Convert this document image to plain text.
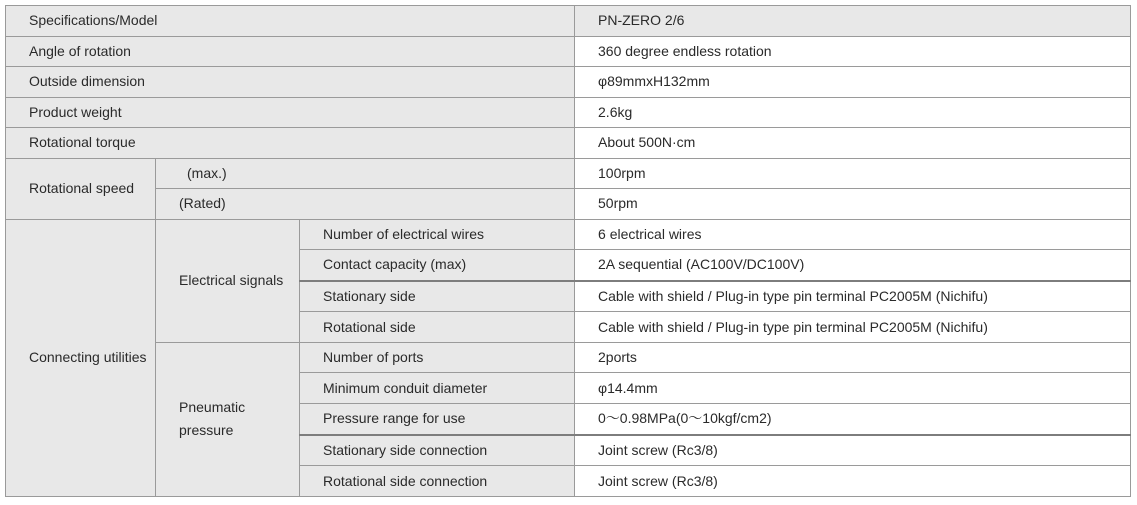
Specifications/Model			PN-ZERO 2/6
Angle of rotation			360 degree endless rotation
Outside dimension			φ89mmxH132mm
Product weight			2.6kg
Rotational torque			About 500N·cm
Rotational speed	(max.)		100rpm
	(Rated)		50rpm
Connecting utilities	Electrical signals	Number of electrical wires	6 electrical wires
		Contact capacity (max)	2A sequential (AC100V/DC100V)
		Stationary side	Cable with shield / Plug-in type pin terminal PC2005M (Nichifu)
		Rotational side	Cable with shield / Plug-in type pin terminal PC2005M (Nichifu)
	Pneumatic pressure	Number of ports	2ports
		Minimum conduit diameter	φ14.4mm
		Pressure range for use	0～0.98MPa(0～10kgf/cm2)
		Stationary side connection	Joint screw (Rc3/8)
		Rotational side connection	Joint screw (Rc3/8)
